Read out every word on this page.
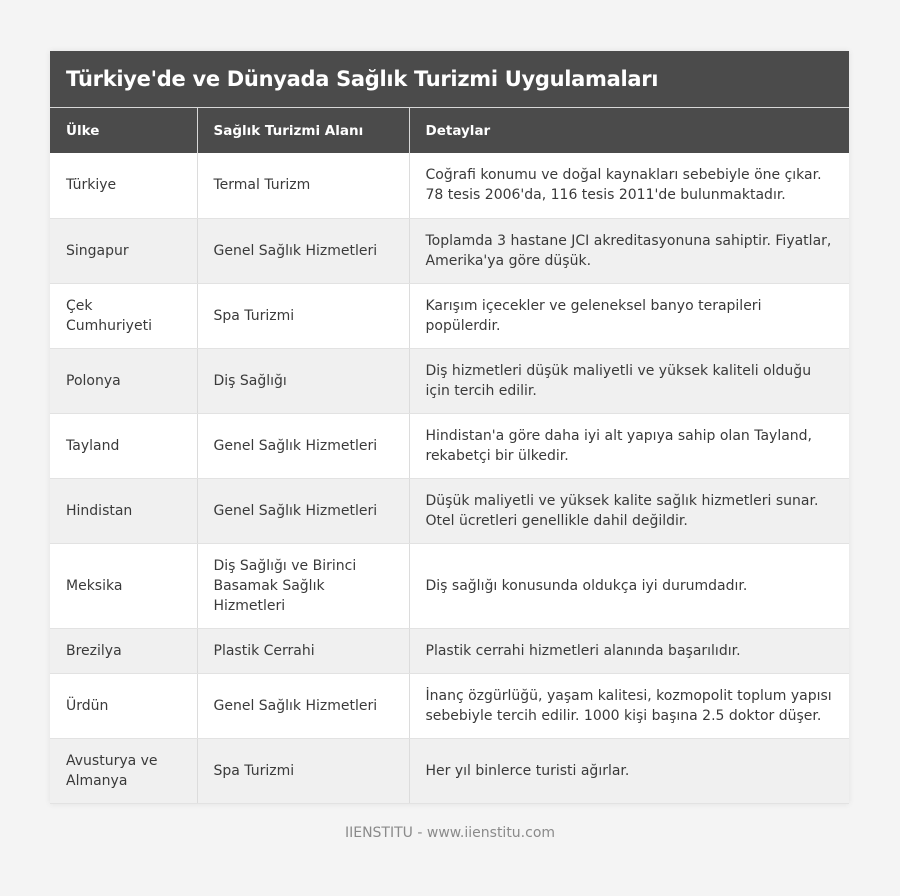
Türkiye'de ve Dünyada Sağlık Turizmi Uygulamaları
Ülke	Sağlık Turizmi Alanı	Detaylar
Türkiye	Termal Turizm	Coğrafi konumu ve doğal kaynakları sebebiyle öne çıkar. 78 tesis 2006'da, 116 tesis 2011'de bulunmaktadır.
Singapur	Genel Sağlık Hizmetleri	Toplamda 3 hastane JCI akreditasyonuna sahiptir. Fiyatlar, Amerika'ya göre düşük.
Çek Cumhuriyeti	Spa Turizmi	Karışım içecekler ve geleneksel banyo terapileri popülerdir.
Polonya	Diş Sağlığı	Diş hizmetleri düşük maliyetli ve yüksek kaliteli olduğu için tercih edilir.
Tayland	Genel Sağlık Hizmetleri	Hindistan'a göre daha iyi alt yapıya sahip olan Tayland, rekabetçi bir ülkedir.
Hindistan	Genel Sağlık Hizmetleri	Düşük maliyetli ve yüksek kalite sağlık hizmetleri sunar. Otel ücretleri genellikle dahil değildir.
Meksika	Diş Sağlığı ve Birinci Basamak Sağlık Hizmetleri	Diş sağlığı konusunda oldukça iyi durumdadır.
Brezilya	Plastik Cerrahi	Plastik cerrahi hizmetleri alanında başarılıdır.
Ürdün	Genel Sağlık Hizmetleri	İnanç özgürlüğü, yaşam kalitesi, kozmopolit toplum yapısı sebebiyle tercih edilir. 1000 kişi başına 2.5 doktor düşer.
Avusturya ve Almanya	Spa Turizmi	Her yıl binlerce turisti ağırlar.
IIENSTITU - www.iienstitu.com
